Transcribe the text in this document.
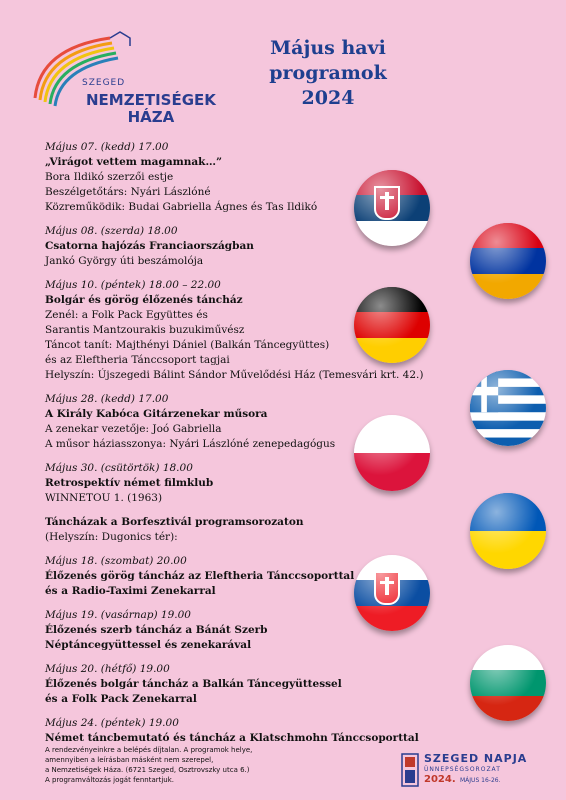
SZEGED
NEMZETISÉGEK
HÁZA
Május havi programok
2024
Május 07. (kedd) 17.00
„Virágot vettem magamnak…”
Bora Ildikó szerzői estje
Beszélgetőtárs: Nyári Lászlóné
Közreműködik: Budai Gabriella Ágnes és Tas Ildikó
Május 08. (szerda) 18.00
Csatorna hajózás Franciaországban
Jankó György úti beszámolója
Május 10. (péntek) 18.00 – 22.00
Bolgár és görög élőzenés táncház
Zenél: a Folk Pack Együttes és
Sarantis Mantzourakis buzukiművész
Táncot tanít: Majthényi Dániel (Balkán Táncegyüttes)
és az Eleftheria Tánccsoport tagjai
Helyszín: Újszegedi Bálint Sándor Művelődési Ház (Temesvári krt. 42.)
Május 28. (kedd) 17.00
A Király Kabóca Gitárzenekar műsora
A zenekar vezetője: Joó Gabriella
A műsor háziasszonya: Nyári Lászlóné zenepedagógus
Május 30. (csütörtök) 18.00
Retrospektív német filmklub
WINNETOU 1. (1963)
Táncházak a Borfesztivál programsorozaton
(Helyszín: Dugonics tér):
Május 18. (szombat) 20.00
Élőzenés görög táncház az Eleftheria Tánccsoporttal
és a Radio-Taximi Zenekarral
Május 19. (vasárnap) 19.00
Élőzenés szerb táncház a Bánát Szerb
Néptáncegyüttessel és zenekarával
Május 20. (hétfő) 19.00
Élőzenés bolgár táncház a Balkán Táncegyüttessel
és a Folk Pack Zenekarral
Május 24. (péntek) 19.00
Német táncbemutató és táncház a Klatschmohn Tánccsoporttal
A rendezvényeinkre a belépés díjtalan. A programok helye,
amennyiben a leírásban másként nem szerepel,
a Nemzetiségek Háza. (6721 Szeged, Osztrovszky utca 6.)
A programváltozás jogát fenntartjuk.
SZEGED NAPJA
ÜNNEPSÉGSOROZAT
2024. MÁJUS 16-26.
